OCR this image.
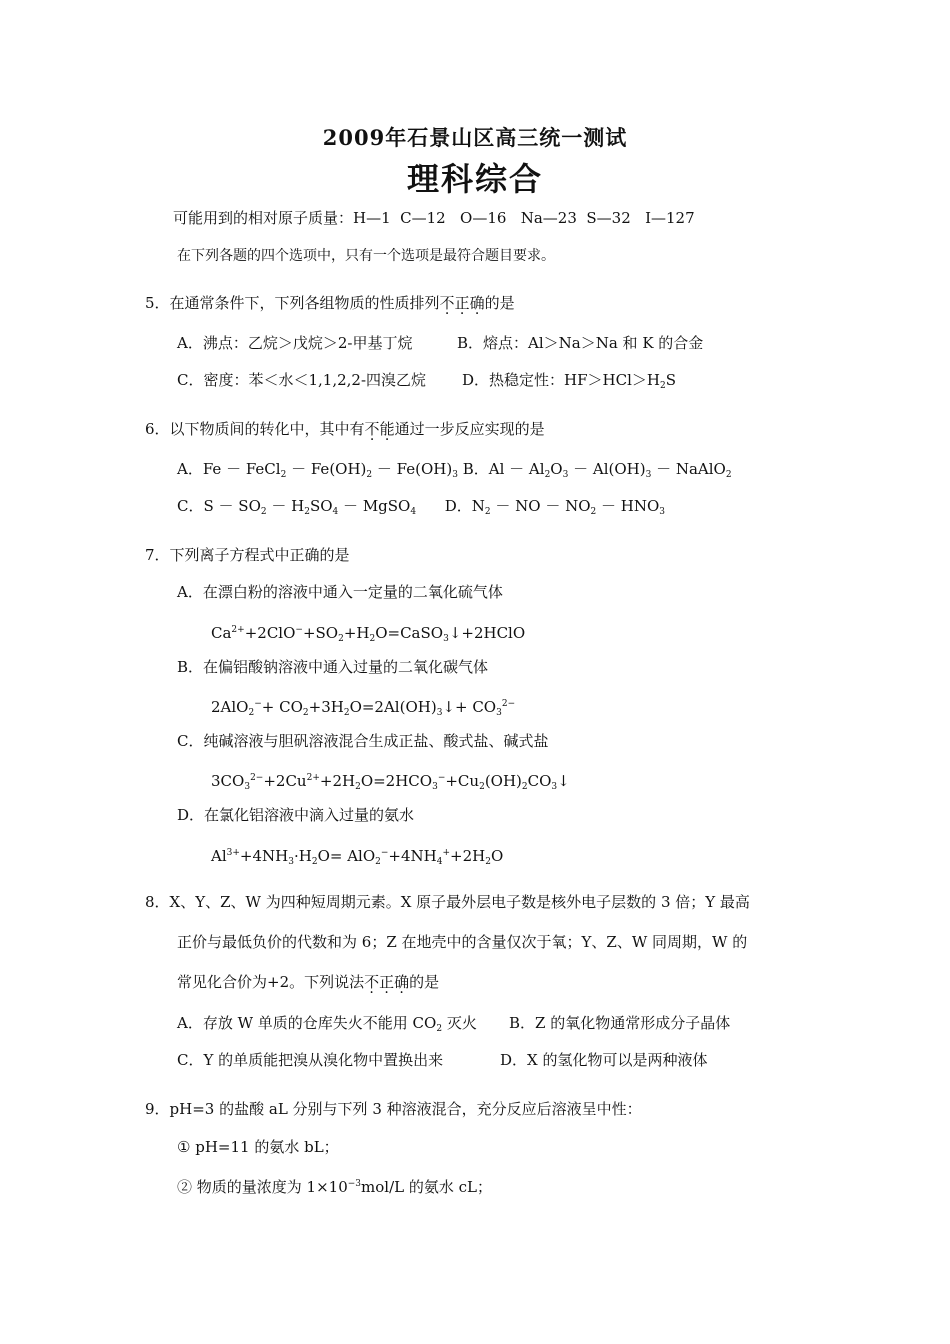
2009年石景山区高三统一测试
理科综合
可能用到的相对原子质量：H—1  C—12   O—16   Na—23  S—32   I—127
在下列各题的四个选项中，只有一个选项是最符合题目要求。
5．在通常条件下，下列各组物质的性质排列不正确的是
A．沸点：乙烷＞戊烷＞2-甲基丁烷	B．熔点：Al＞Na＞Na 和 K 的合金
C．密度：苯＜水＜1,1,2,2-四溴乙烷 D．热稳定性：$HF>HCl>H_2S$
6．以下物质间的转化中，其中有不能通过一步反应实现的是
A．Fe － FeCl$_2$ － $Fe(OH)_2 - Fe(OH)_3$ B．$Al - Al_2O_3 - Al(OH)_3$ － NaAlO$_2$
C．$S - SO_2 - H_2SO_4$ － MgSO$_4$      D．$N_2$ － NO － $NO_2 - HNO_3$
7．下列离子方程式中正确的是
A．在漂白粉的溶液中通入一定量的二氧化硫气体
$Ca^{2+}+2ClO^-+SO_2+H_2O=CaSO_3↓+2HClO$
B．在偏铝酸钠溶液中通入过量的二氧化碳气体
$2AlO_2^-+ CO_2+3H_2O=2Al(OH)_3↓+ CO_3^{2-}$
C．纯碱溶液与胆矾溶液混合生成正盐、酸式盐、碱式盐
$3CO_3^{2-}+2Cu^{2+}+2H_2O=2HCO_3^-+Cu_2(OH)_2CO_3↓$
D．在氯化铝溶液中滴入过量的氨水
$Al^{3+}+4NH_3\cdot H_2O= AlO_2^-+4NH_4^++2H_2O$
8．X、Y、Z、W 为四种短周期元素。X 原子最外层电子数是核外电子层数的 3 倍；Y 最高
正价与最低负价的代数和为 6；Z 在地壳中的含量仅次于氧；Y、Z、W 同周期，W 的
常见化合价为+2。下列说法不正确的是
A．存放 W 单质的仓库失火不能用 $CO_2$ 灭火 B．Z 的氧化物通常形成分子晶体
C．Y 的单质能把溴从溴化物中置换出来	D．X 的氢化物可以是两种液体
9．pH=3 的盐酸 aL 分别与下列 3 种溶液混合，充分反应后溶液呈中性：
① pH=11 的氨水 bL；
② 物质的量浓度为 $1\times 10^{-3}mol/L$ 的氨水 cL；
